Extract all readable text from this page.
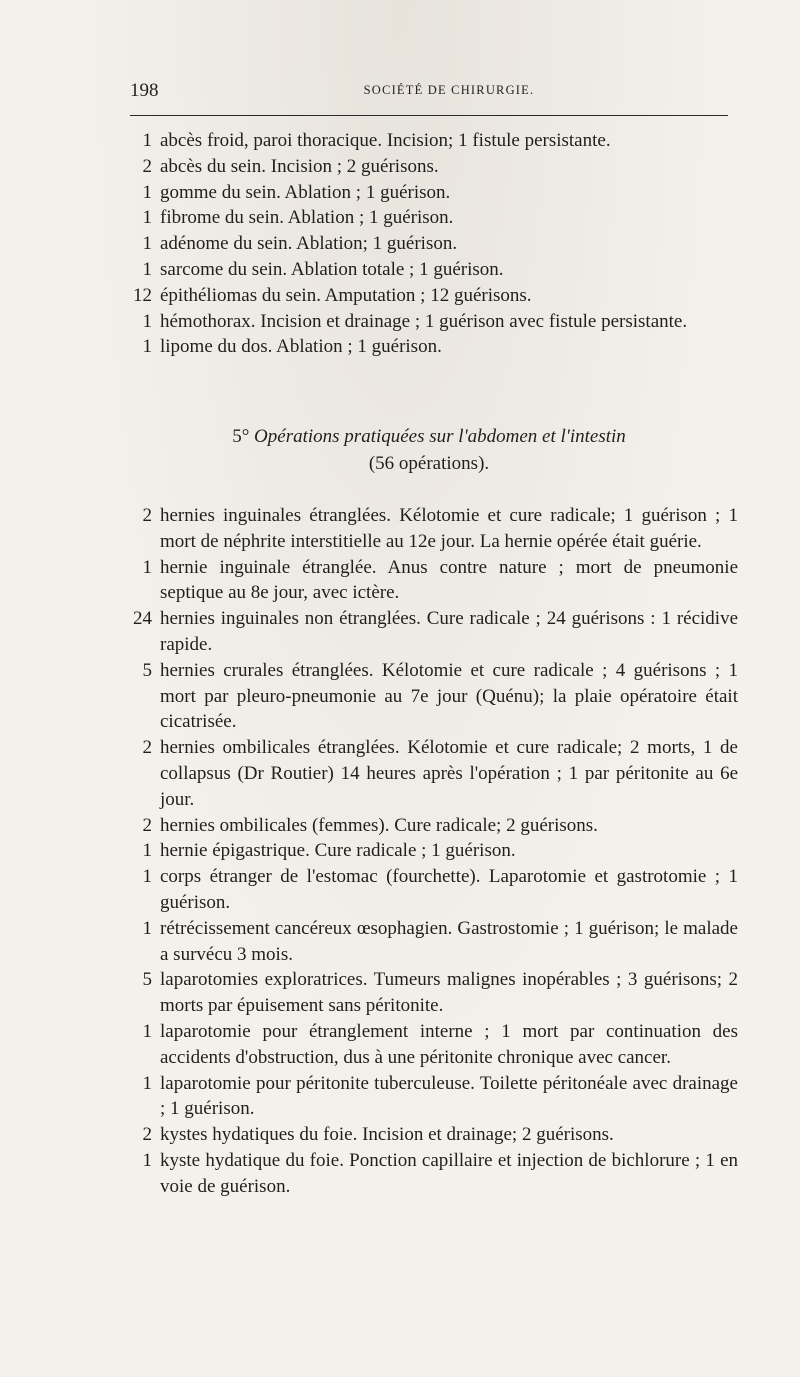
198	SOCIÉTÉ DE CHIRURGIE.
1 abcès froid, paroi thoracique. Incision; 1 fistule persistante.
2 abcès du sein. Incision ; 2 guérisons.
1 gomme du sein. Ablation ; 1 guérison.
1 fibrome du sein. Ablation ; 1 guérison.
1 adénome du sein. Ablation; 1 guérison.
1 sarcome du sein. Ablation totale ; 1 guérison.
12 épithéliomas du sein. Amputation ; 12 guérisons.
1 hémothorax. Incision et drainage ; 1 guérison avec fistule persistante.
1 lipome du dos. Ablation ; 1 guérison.
5° Opérations pratiquées sur l'abdomen et l'intestin
(56 opérations).
2 hernies inguinales étranglées. Kélotomie et cure radicale; 1 guérison ; 1 mort de néphrite interstitielle au 12e jour. La hernie opérée était guérie.
1 hernie inguinale étranglée. Anus contre nature ; mort de pneumonie septique au 8e jour, avec ictère.
24 hernies inguinales non étranglées. Cure radicale ; 24 guérisons : 1 récidive rapide.
5 hernies crurales étranglées. Kélotomie et cure radicale ; 4 guérisons ; 1 mort par pleuro-pneumonie au 7e jour (Quénu); la plaie opératoire était cicatrisée.
2 hernies ombilicales étranglées. Kélotomie et cure radicale; 2 morts, 1 de collapsus (Dr Routier) 14 heures après l'opération ; 1 par péritonite au 6e jour.
2 hernies ombilicales (femmes). Cure radicale; 2 guérisons.
1 hernie épigastrique. Cure radicale ; 1 guérison.
1 corps étranger de l'estomac (fourchette). Laparotomie et gastrotomie ; 1 guérison.
1 rétrécissement cancéreux œsophagien. Gastrostomie ; 1 guérison; le malade a survécu 3 mois.
5 laparotomies exploratrices. Tumeurs malignes inopérables ; 3 guérisons; 2 morts par épuisement sans péritonite.
1 laparotomie pour étranglement interne ; 1 mort par continuation des accidents d'obstruction, dus à une péritonite chronique avec cancer.
1 laparotomie pour péritonite tuberculeuse. Toilette péritonéale avec drainage ; 1 guérison.
2 kystes hydatiques du foie. Incision et drainage; 2 guérisons.
1 kyste hydatique du foie. Ponction capillaire et injection de bichlorure ; 1 en voie de guérison.
